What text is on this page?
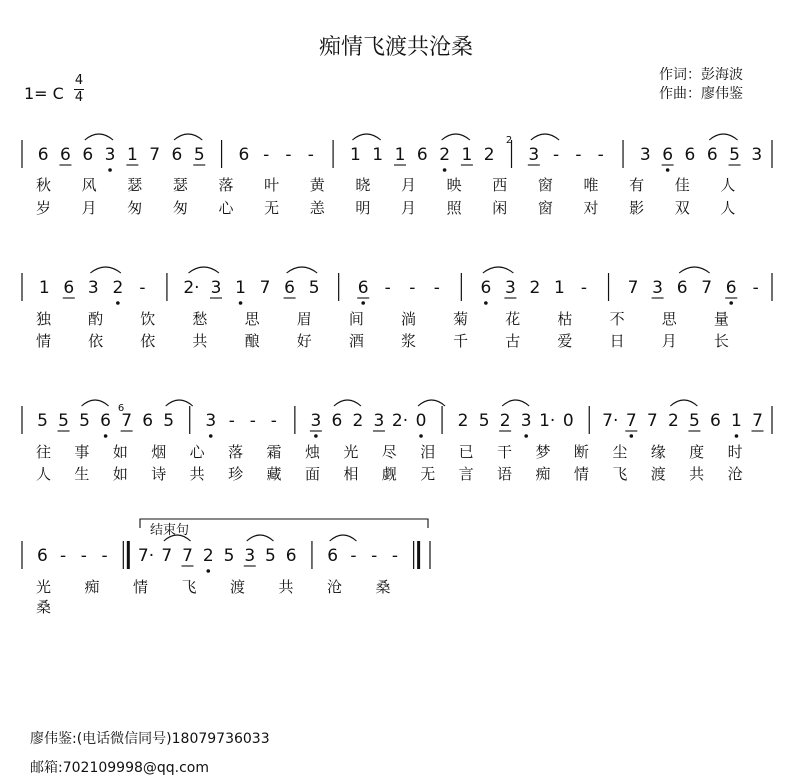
痴情飞渡共沧桑
1= C
4
4
作词：彭海波
作曲：廖伟鉴
6 6 6 3 1 7 6 5 6 - - - 1 1 1 6 2 1 2 3 - - - 3 6 6 6 5 3
秋 风 瑟 瑟 落 叶 黄 晓 月 映 西 窗 唯 有 佳 人
岁 月 匆 匆 心 无 恙 明 月 照 闲 窗 对 影 双 人
1 6 3 2 - 2· 3 1 7 6 5 6 - - - 6 3 2 1 - 7 3 6 7 6 -
独 酌 饮 愁 思 眉 间 淌 菊 花 枯 不 思 量
情 依 依 共 酿 好 酒 浆 千 古 爱 日 月 长
5 5 5 6 7 6 5 3 - - - 3 6 2 3 2· 0 2 5 2 3 1· 0 7· 7 7 2 5 6 1 7
往 事 如 烟 心 落 霜 烛 光 尽 泪 已 干 梦 断 尘 缘 度 时
人 生 如 诗 共 珍 藏 面 相 觑 无 言 语 痴 情 飞 渡 共 沧
6 - - - 7· 7 7 2 5 3 5 6 6 - - -
光 痴 情 飞 渡 共 沧 桑
桑
2
6
结束句
廖伟鉴:(电话微信同号)18079736033
邮箱:702109998@qq.com
